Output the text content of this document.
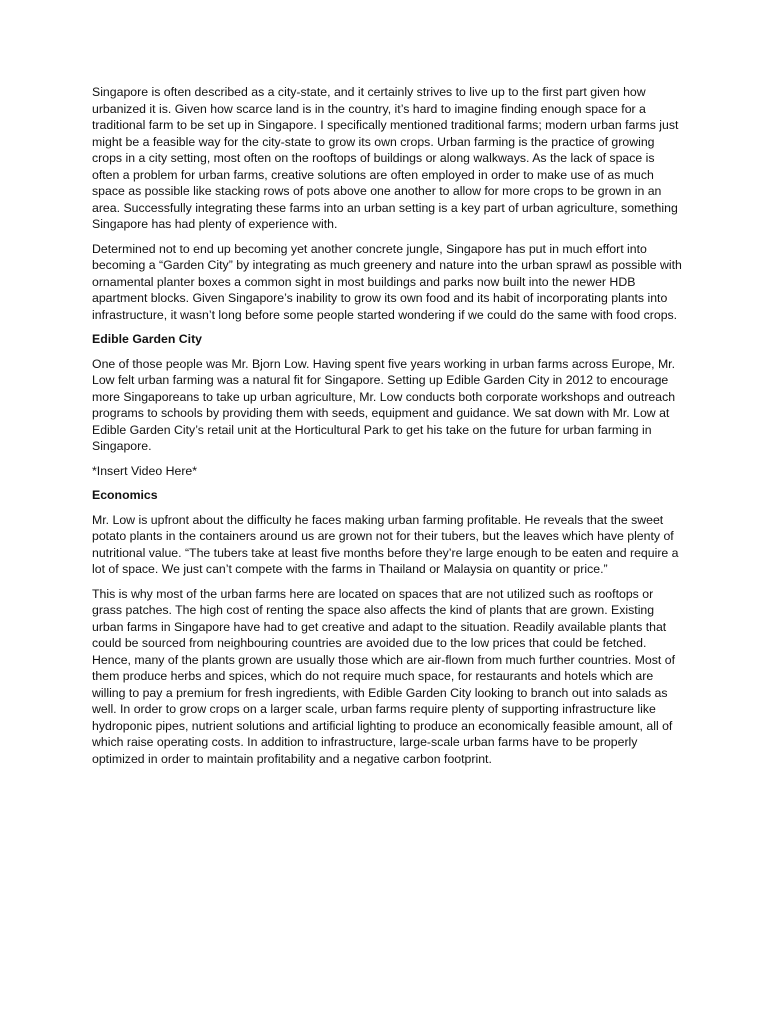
Singapore is often described as a city-state, and it certainly strives to live up to the first part given how urbanized it is. Given how scarce land is in the country, it’s hard to imagine finding enough space for a traditional farm to be set up in Singapore. I specifically mentioned traditional farms; modern urban farms just might be a feasible way for the city-state to grow its own crops. Urban farming is the practice of growing crops in a city setting, most often on the rooftops of buildings or along walkways. As the lack of space is often a problem for urban farms, creative solutions are often employed in order to make use of as much space as possible like stacking rows of pots above one another to allow for more crops to be grown in an area. Successfully integrating these farms into an urban setting is a key part of urban agriculture, something Singapore has had plenty of experience with.

Determined not to end up becoming yet another concrete jungle, Singapore has put in much effort into becoming a “Garden City” by integrating as much greenery and nature into the urban sprawl as possible with ornamental planter boxes a common sight in most buildings and parks now built into the newer HDB apartment blocks. Given Singapore’s inability to grow its own food and its habit of incorporating plants into infrastructure, it wasn’t long before some people started wondering if we could do the same with food crops.

Edible Garden City

One of those people was Mr. Bjorn Low. Having spent five years working in urban farms across Europe, Mr. Low felt urban farming was a natural fit for Singapore. Setting up Edible Garden City in 2012 to encourage more Singaporeans to take up urban agriculture, Mr. Low conducts both corporate workshops and outreach programs to schools by providing them with seeds, equipment and guidance. We sat down with Mr. Low at Edible Garden City’s retail unit at the Horticultural Park to get his take on the future for urban farming in Singapore.

*Insert Video Here*

Economics

Mr. Low is upfront about the difficulty he faces making urban farming profitable. He reveals that the sweet potato plants in the containers around us are grown not for their tubers, but the leaves which have plenty of nutritional value. “The tubers take at least five months before they’re large enough to be eaten and require a lot of space. We just can’t compete with the farms in Thailand or Malaysia on quantity or price.”

This is why most of the urban farms here are located on spaces that are not utilized such as rooftops or grass patches. The high cost of renting the space also affects the kind of plants that are grown. Existing urban farms in Singapore have had to get creative and adapt to the situation. Readily available plants that could be sourced from neighbouring countries are avoided due to the low prices that could be fetched. Hence, many of the plants grown are usually those which are air-flown from much further countries. Most of them produce herbs and spices, which do not require much space, for restaurants and hotels which are willing to pay a premium for fresh ingredients, with Edible Garden City looking to branch out into salads as well. In order to grow crops on a larger scale, urban farms require plenty of supporting infrastructure like hydroponic pipes, nutrient solutions and artificial lighting to produce an economically feasible amount, all of which raise operating costs. In addition to infrastructure, large-scale urban farms have to be properly optimized in order to maintain profitability and a negative carbon footprint.
